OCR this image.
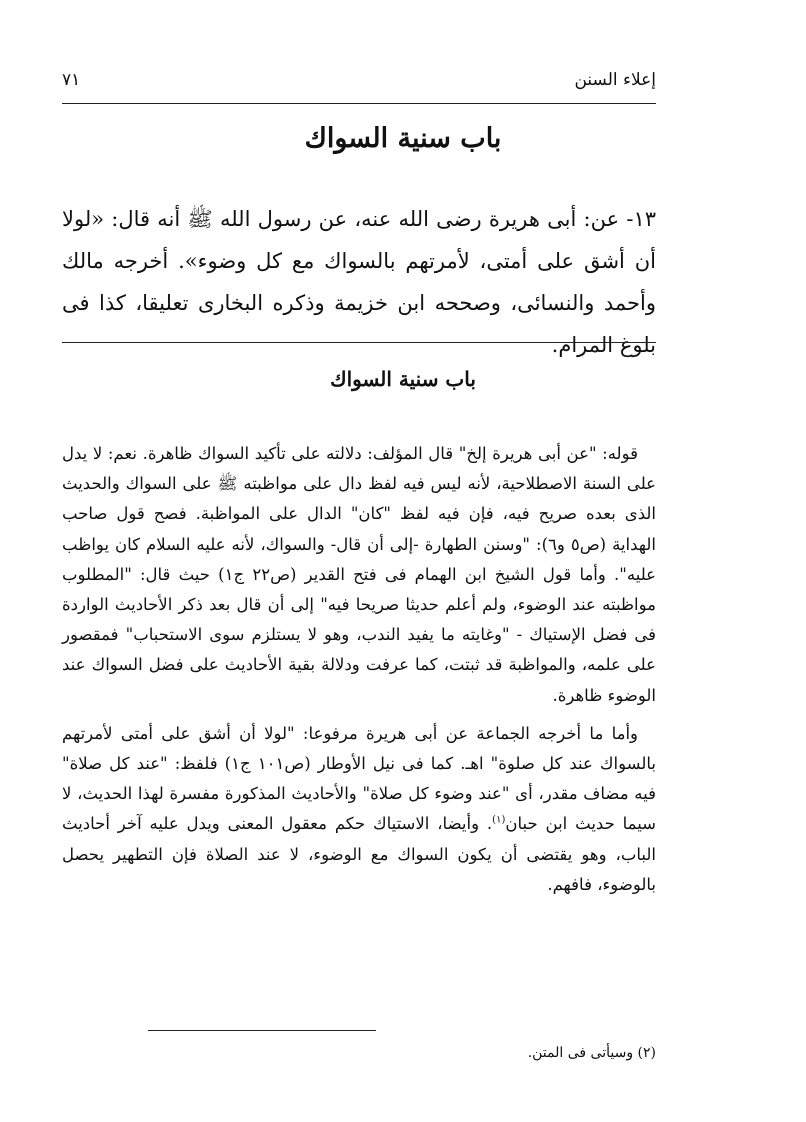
إعلاء السنن
٧١
باب سنية السواك

١٣- عن: أبى هريرة رضى الله عنه، عن رسول الله ﷺ أنه قال: «لولا أن أشق على أمتى، لأمرتهم بالسواك مع كل وضوء». أخرجه مالك وأحمد والنسائى، وصححه ابن خزيمة وذكره البخارى تعليقا، كذا فى بلوغ المرام.

باب سنية السواك

قوله: "عن أبى هريرة إلخ" قال المؤلف: دلالته على تأكيد السواك ظاهرة. نعم: لا يدل على السنة الاصطلاحية، لأنه ليس فيه لفظ دال على مواظبته ﷺ على السواك والحديث الذى بعده صريح فيه، فإن فيه لفظ "كان" الدال على المواظبة. فصح قول صاحب الهداية (ص٥ و٦): "وسنن الطهارة -إلى أن قال- والسواك، لأنه عليه السلام كان يواظب عليه". وأما قول الشيخ ابن الهمام فى فتح القدير (ص٢٢ ج١) حيث قال: "المطلوب مواظبته عند الوضوء، ولم أعلم حديثا صريحا فيه" إلى أن قال بعد ذكر الأحاديث الواردة فى فضل الإستياك - "وغايته ما يفيد الندب، وهو لا يستلزم سوى الاستحباب" فمقصور على علمه، والمواظبة قد ثبتت، كما عرفت ودلالة بقية الأحاديث على فضل السواك عند الوضوء ظاهرة.

وأما ما أخرجه الجماعة عن أبى هريرة مرفوعا: "لولا أن أشق على أمتى لأمرتهم بالسواك عند كل صلوة" اهـ. كما فى نيل الأوطار (ص١٠١ ج١) فلفظ: "عند كل صلاة" فيه مضاف مقدر، أى "عند وضوء كل صلاة" والأحاديث المذكورة مفسرة لهذا الحديث، لا سيما حديث ابن حبان$^{(١)}$. وأيضا، الاستياك حكم معقول المعنى ويدل عليه آخر أحاديث الباب، وهو يقتضى أن يكون السواك مع الوضوء، لا عند الصلاة فإن التطهير يحصل بالوضوء، فافهم.

(٢) وسيأتى فى المتن.
